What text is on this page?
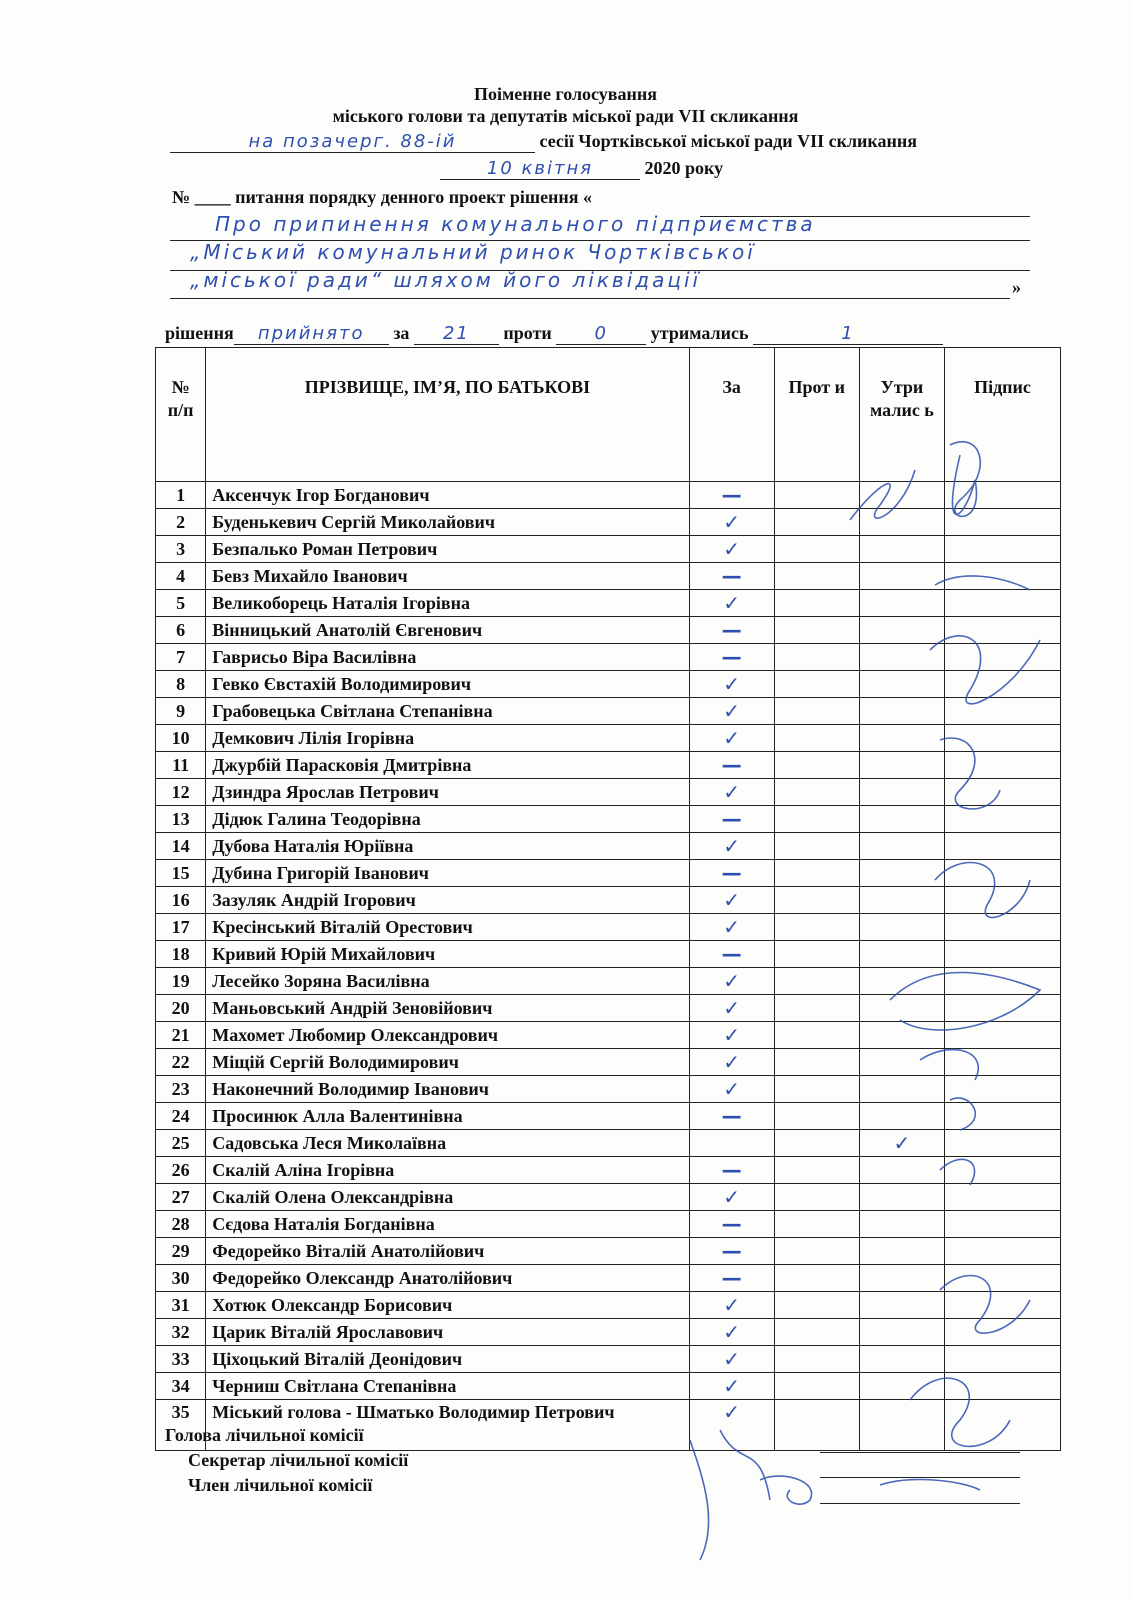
Поіменне голосування
міського голови та депутатів міської ради VII скликання
на позачерг. 88-ій	сесії Чортківської міської ради VII скликання
10 квітня	2020 року
№ ____ питання порядку денного проект рішення «
Про припинення комунального підприємства
„Міський комунальний ринок Чортківської
„міської ради“ шляхом його ліквідації	»
рішення прийнято за 21 проти 0 утримались	1
№ п/п	ПРІЗВИЩЕ, ІМ’Я, ПО БАТЬКОВІ	За	Прот и	Утри малис ь	Підпис
1	Аксенчук Ігор Богданович	—			
2	Буденькевич Сергій Миколайович	✓			
3	Безпалько Роман Петрович	✓			
4	Бевз Михайло Іванович	—			
5	Великоборець Наталія Ігорівна	✓			
6	Вінницький Анатолій Євгенович	—			
7	Гаврисьо Віра Василівна	—			
8	Гевко Євстахій Володимирович	✓			
9	Грабовецька Світлана Степанівна	✓			
10	Демкович Лілія Ігорівна	✓			
11	Джурбій Парасковія Дмитрівна	—			
12	Дзиндра Ярослав Петрович	✓			
13	Дідюк Галина Теодорівна	—			
14	Дубова Наталія Юріївна	✓			
15	Дубина Григорій Іванович	—			
16	Зазуляк Андрій Ігорович	✓			
17	Кресінський Віталій Орестович	✓			
18	Кривий Юрій Михайлович	—			
19	Лесейко Зоряна Василівна	✓			
20	Маньовський Андрій Зеновійович	✓			
21	Махомет Любомир Олександрович	✓			
22	Міщій Сергій Володимирович	✓			
23	Наконечний Володимир Іванович	✓			
24	Просинюк Алла Валентинівна	—			
25	Садовська Леся Миколаївна			✓	
26	Скалій Аліна Ігорівна	—			
27	Скалій Олена Олександрівна	✓			
28	Сєдова Наталія Богданівна	—			
29	Федорейко Віталій Анатолійович	—			
30	Федорейко Олександр Анатолійович	—			
31	Хотюк Олександр Борисович	✓			
32	Царик Віталій Ярославович	✓			
33	Ціхоцький Віталій Деонідович	✓			
34	Черниш Світлана Степанівна	✓			
35	Міський голова - Шматько Володимир Петрович	✓			
Голова лічильної комісії
Секретар лічильної комісії
Член лічильної комісії
